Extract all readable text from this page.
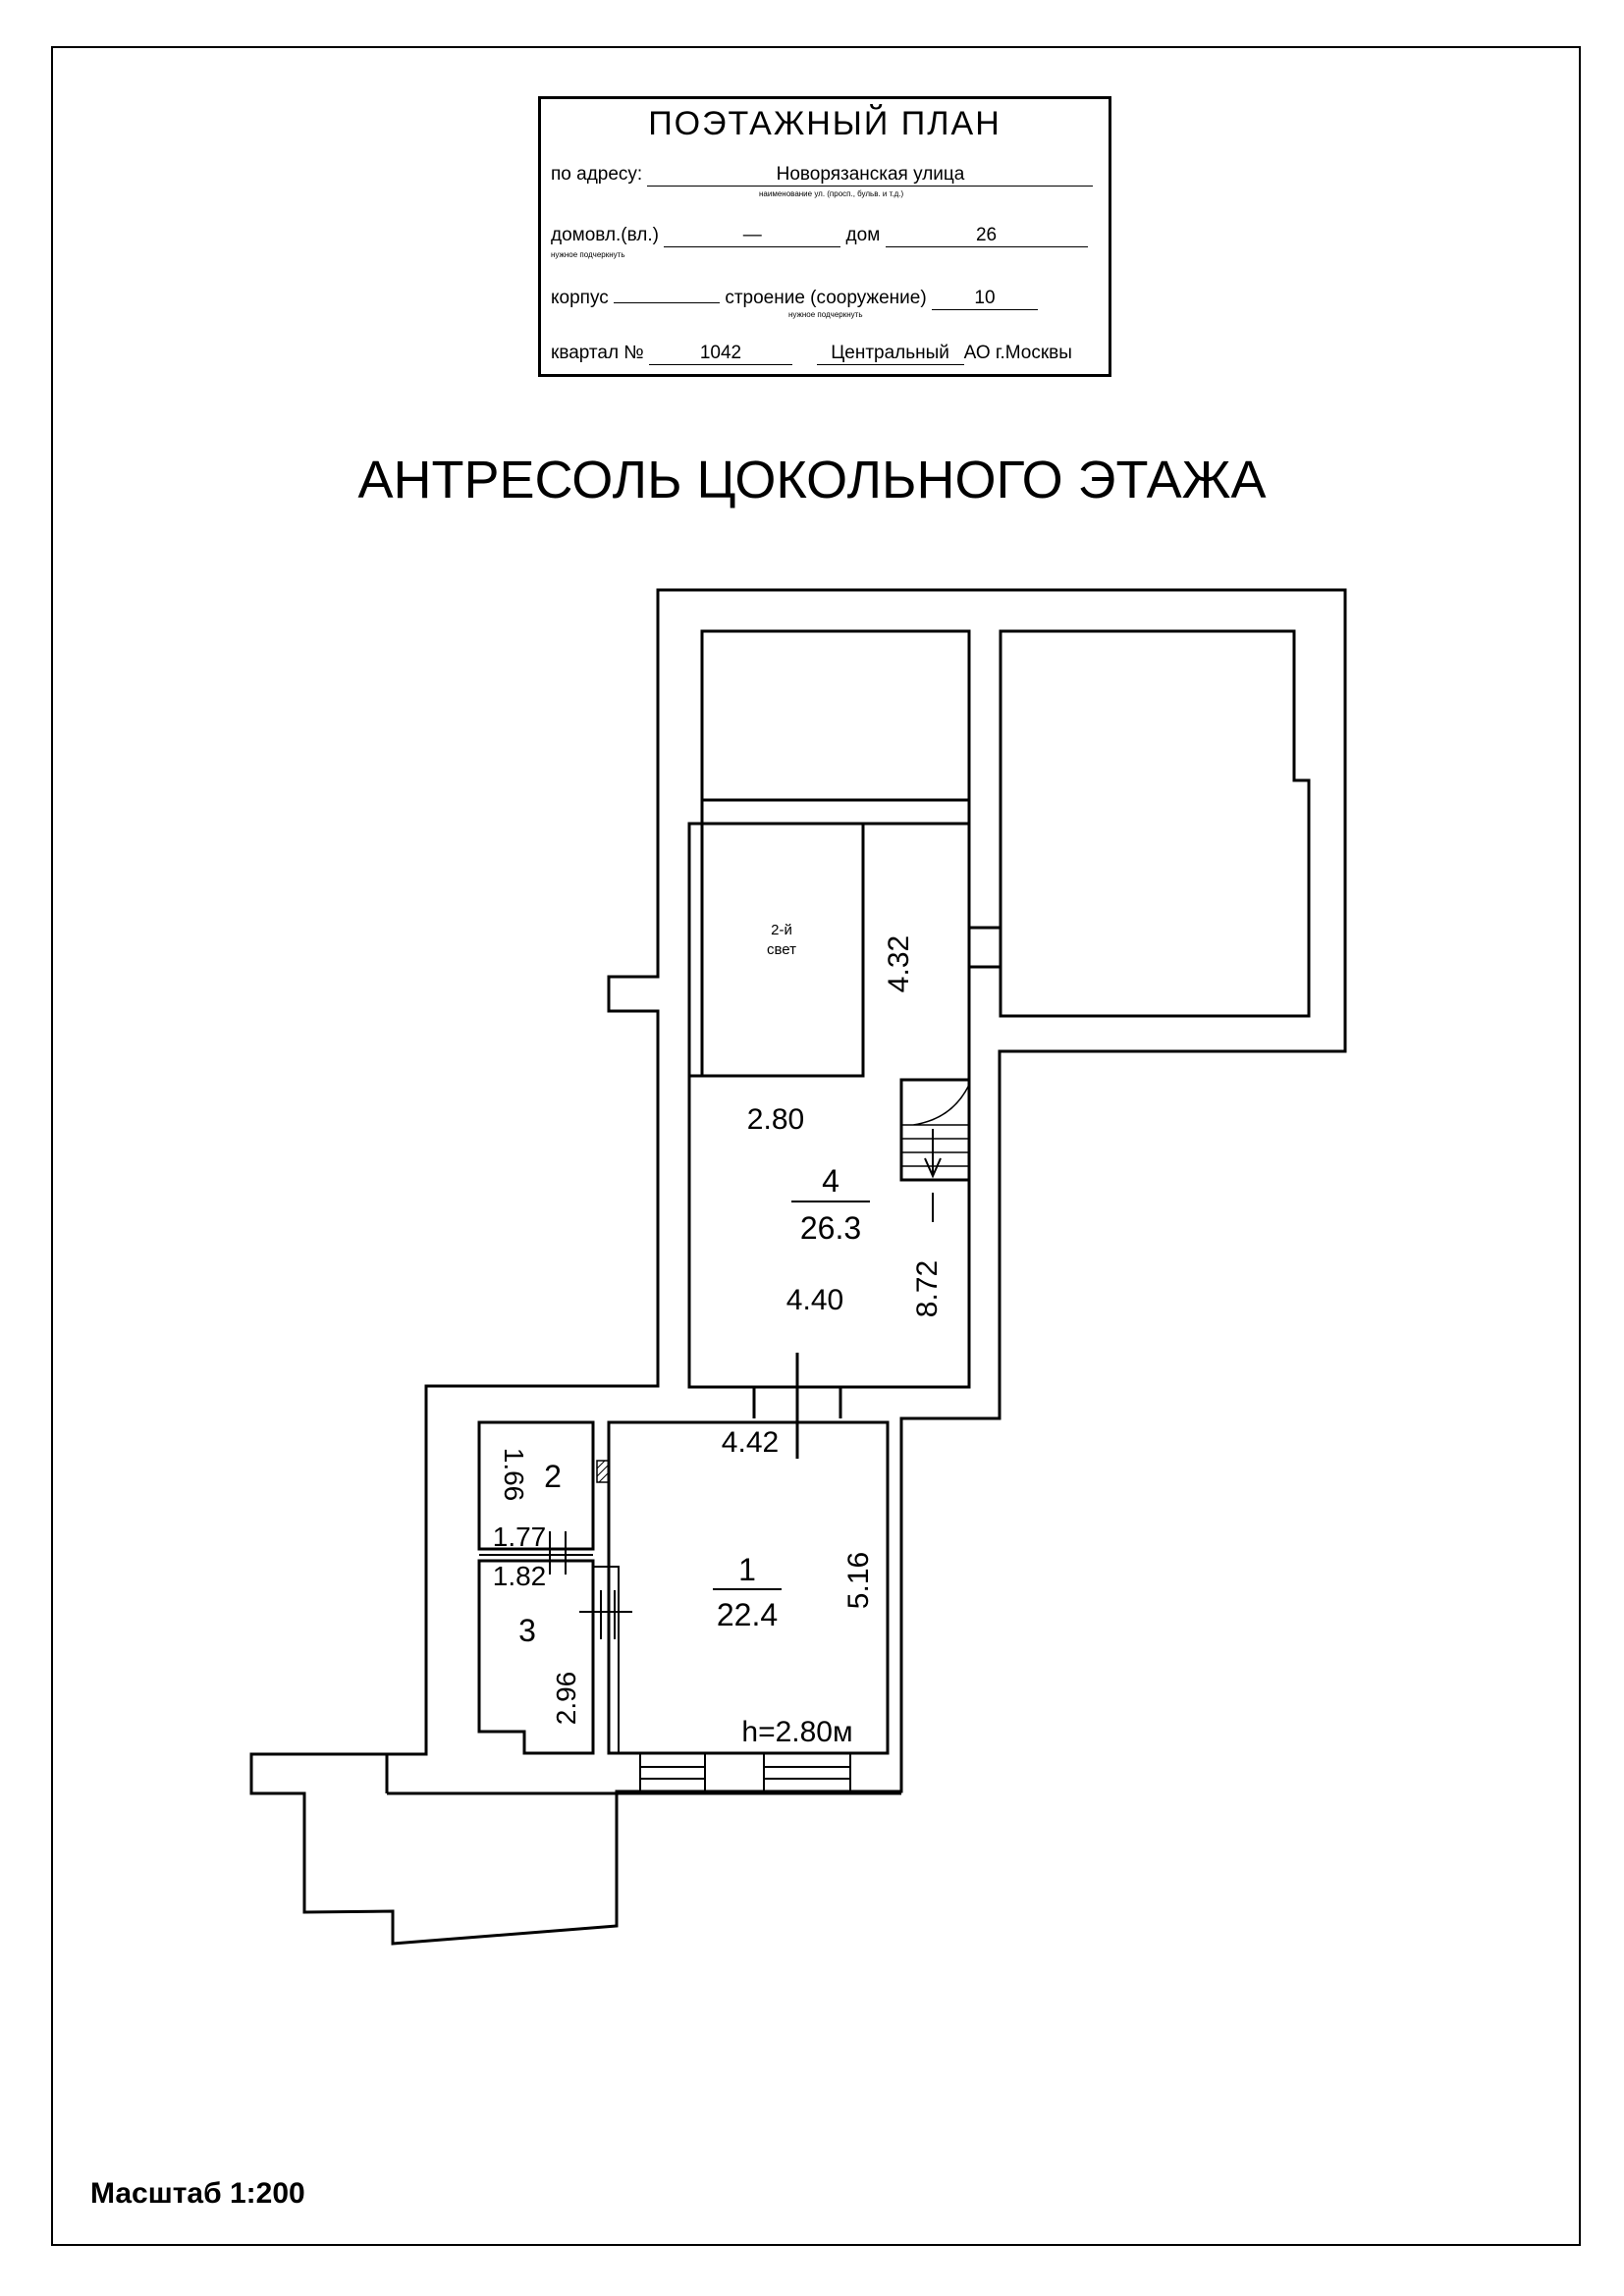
ПОЭТАЖНЫЙ ПЛАН
по адресу:	Новорязанская улица
наименование ул. (просп., бульв. и т.д.)
домовл.(вл.)	—	дом	26
нужное подчеркнуть
корпус	строение (сооружение)	10
нужное подчеркнуть
квартал №	1042	Центральный АО г.Москвы
АНТРЕСОЛЬ ЦОКОЛЬНОГО ЭТАЖА
2-й
свет	4.32
2.80
4
26.3
4.40 8.72
4.42
1
22.4
5.16
h=2.80м
1.66 2
1.77
1.82
3
2.96
Масштаб 1:200
